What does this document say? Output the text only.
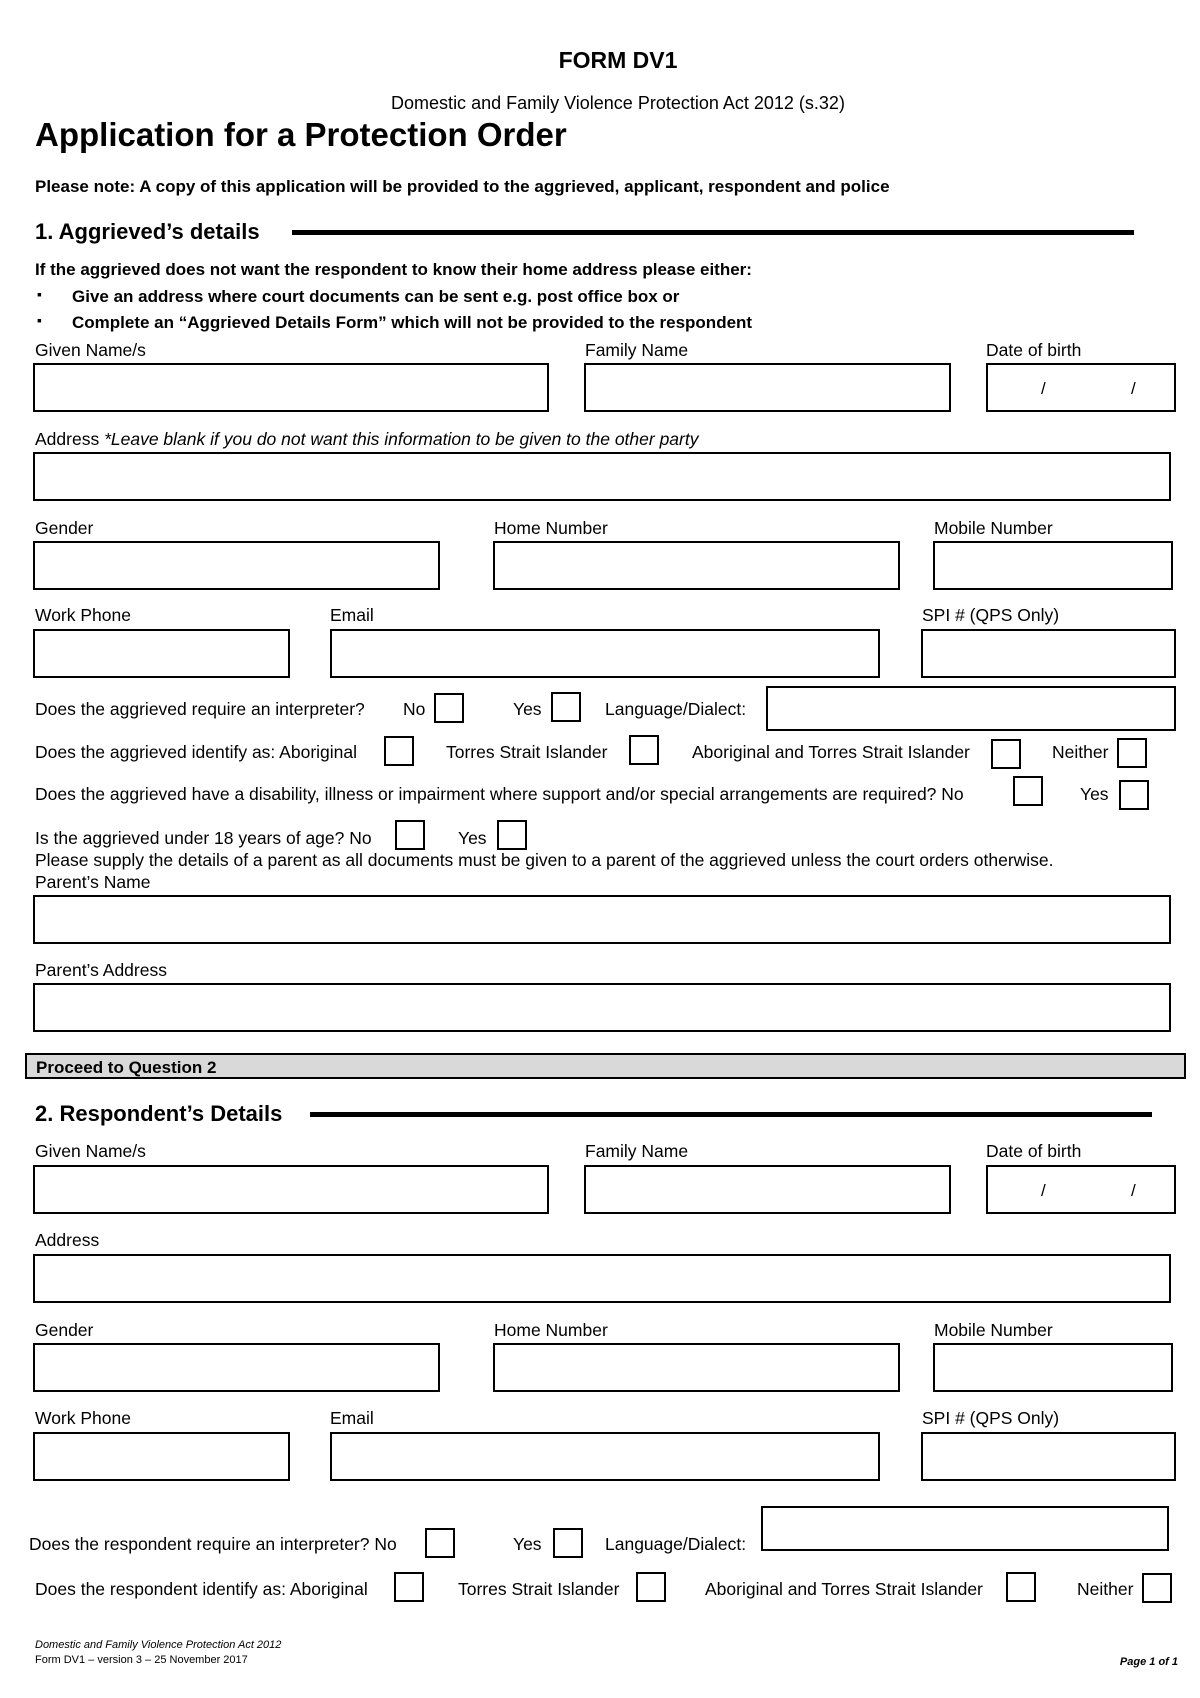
FORM DV1
Domestic and Family Violence Protection Act 2012 (s.32)
Application for a Protection Order
Please note: A copy of this application will be provided to the aggrieved, applicant, respondent and police
1. Aggrieved’s details
If the aggrieved does not want the respondent to know their home address please either:
▪ Give an address where court documents can be sent e.g. post office box or
▪ Complete an “Aggrieved Details Form” which will not be provided to the respondent
Given Name/s	Family Name	Date of birth
/	/
Address *Leave blank if you do not want this information to be given to the other party
Gender	Home Number	Mobile Number
Work Phone	Email	SPI # (QPS Only)
Does the aggrieved require an interpreter? No	Yes	Language/Dialect:
Does the aggrieved identify as: Aboriginal	Torres Strait Islander	Aboriginal and Torres Strait Islander	Neither
Does the aggrieved have a disability, illness or impairment where support and/or special arrangements are required? No	Yes
Is the aggrieved under 18 years of age? No	Yes
Please supply the details of a parent as all documents must be given to a parent of the aggrieved unless the court orders otherwise.
Parent’s Name
Parent’s Address
Proceed to Question 2
2. Respondent’s Details
Given Name/s	Family Name	Date of birth
/	/
Address
Gender	Home Number	Mobile Number
Work Phone	Email	SPI # (QPS Only)
Does the respondent require an interpreter? No	Yes	Language/Dialect:
Does the respondent identify as: Aboriginal	Torres Strait Islander	Aboriginal and Torres Strait Islander	Neither
Domestic and Family Violence Protection Act 2012
Form DV1 – version 3 – 25 November 2017	Page 1 of 1
